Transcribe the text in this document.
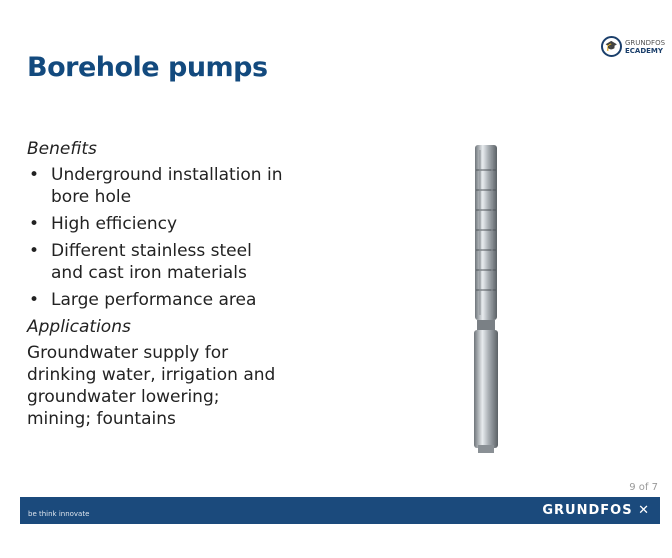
Borehole pumps
🎓	GRUNDFOS
ECADEMY
Benefits
• Underground installation in bore hole
• High efficiency
• Different stainless steel and cast iron materials
• Large performance area
Applications
Groundwater supply for drinking water, irrigation and groundwater lowering; mining; fountains
9 of 7
be think innovate	GRUNDFOS ✕
